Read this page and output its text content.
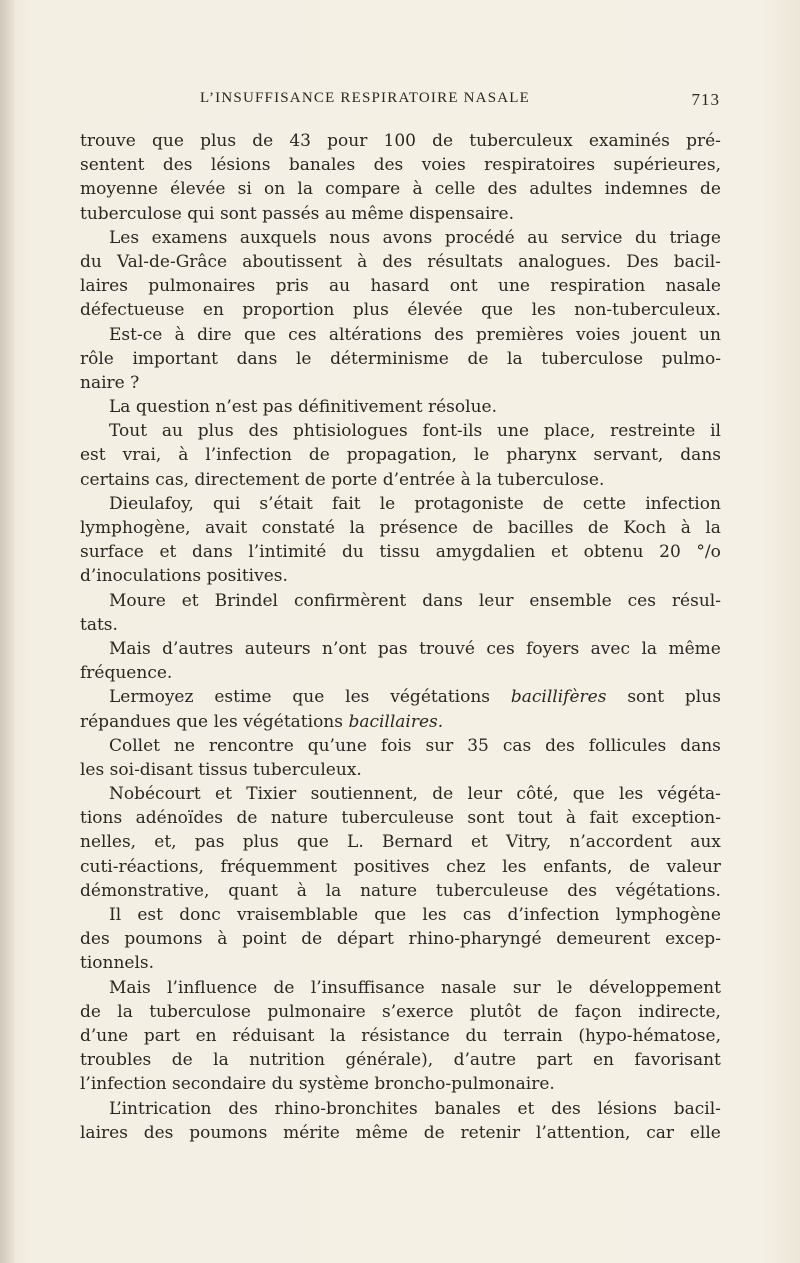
L’INSUFFISANCE RESPIRATOIRE NASALE	713
trouve que plus de 43 pour 100 de tuberculeux examinés pré-
sentent des lésions banales des voies respiratoires supérieures,
moyenne élevée si on la compare à celle des adultes indemnes de
tuberculose qui sont passés au même dispensaire.
Les examens auxquels nous avons procédé au service du triage
du Val-de-Grâce aboutissent à des résultats analogues. Des bacil-
laires pulmonaires pris au hasard ont une respiration nasale
défectueuse en proportion plus élevée que les non-tuberculeux.
Est-ce à dire que ces altérations des premières voies jouent un
rôle important dans le déterminisme de la tuberculose pulmo-
naire ?
La question n’est pas définitivement résolue.
Tout au plus des phtisiologues font-ils une place, restreinte il
est vrai, à l’infection de propagation, le pharynx servant, dans
certains cas, directement de porte d’entrée à la tuberculose.
Dieulafoy, qui s’était fait le protagoniste de cette infection
lymphogène, avait constaté la présence de bacilles de Koch à la
surface et dans l’intimité du tissu amygdalien et obtenu 20 °/o
d’inoculations positives.
Moure et Brindel confirmèrent dans leur ensemble ces résul-
tats.
Mais d’autres auteurs n’ont pas trouvé ces foyers avec la même
fréquence.
Lermoyez estime que les végétations bacillifères sont plus
répandues que les végétations bacillaires.
Collet ne rencontre qu’une fois sur 35 cas des follicules dans
les soi-disant tissus tuberculeux.
Nobécourt et Tixier soutiennent, de leur côté, que les végéta-
tions adénoïdes de nature tuberculeuse sont tout à fait exception-
nelles, et, pas plus que L. Bernard et Vitry, n’accordent aux
cuti-réactions, fréquemment positives chez les enfants, de valeur
démonstrative, quant à la nature tuberculeuse des végétations.
Il est donc vraisemblable que les cas d’infection lymphogène
des poumons à point de départ rhino-pharyngé demeurent excep-
tionnels.
Mais l’influence de l’insuffisance nasale sur le développement
de la tuberculose pulmonaire s’exerce plutôt de façon indirecte,
d’une part en réduisant la résistance du terrain (hypo-hématose,
troubles de la nutrition générale), d’autre part en favorisant
l’infection secondaire du système broncho-pulmonaire.
L’intrication des rhino-bronchites banales et des lésions bacil-
laires des poumons mérite même de retenir l’attention, car elle
